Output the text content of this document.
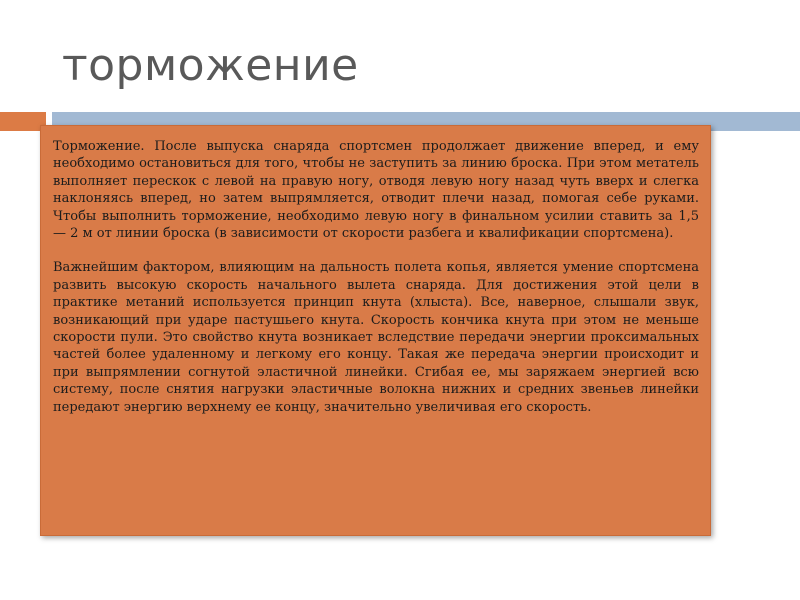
торможение

Торможение. После выпуска снаряда спортсмен продолжает движение вперед, и ему необходимо остановиться для того, чтобы не заступить за линию броска. При этом метатель выполняет перескок с левой на правую ногу, отводя левую ногу назад чуть вверх и слегка наклоняясь вперед, но затем выпрямляется, отводит плечи назад, помогая себе руками. Чтобы выполнить торможение, необходимо левую ногу в финальном усилии ставить за 1,5 — 2 м от линии броска (в зависимости от скорости разбега и квалификации спортсмена).

Важнейшим фактором, влияющим на дальность полета копья, является умение спортсмена развить высокую скорость начального вылета снаряда. Для достижения этой цели в практике метаний используется принцип кнута (хлыста). Все, наверное, слышали звук, возникающий при ударе пастушьего кнута. Скорость кончика кнута при этом не меньше скорости пули. Это свойство кнута возникает вследствие передачи энергии проксимальных частей более удаленному и легкому его концу. Такая же передача энергии происходит и при выпрямлении согнутой эластичной линейки. Сгибая ее, мы заряжаем энергией всю систему, после снятия нагрузки эластичные волокна нижних и средних звеньев линейки передают энергию верхнему ее концу, значительно увеличивая его скорость.
